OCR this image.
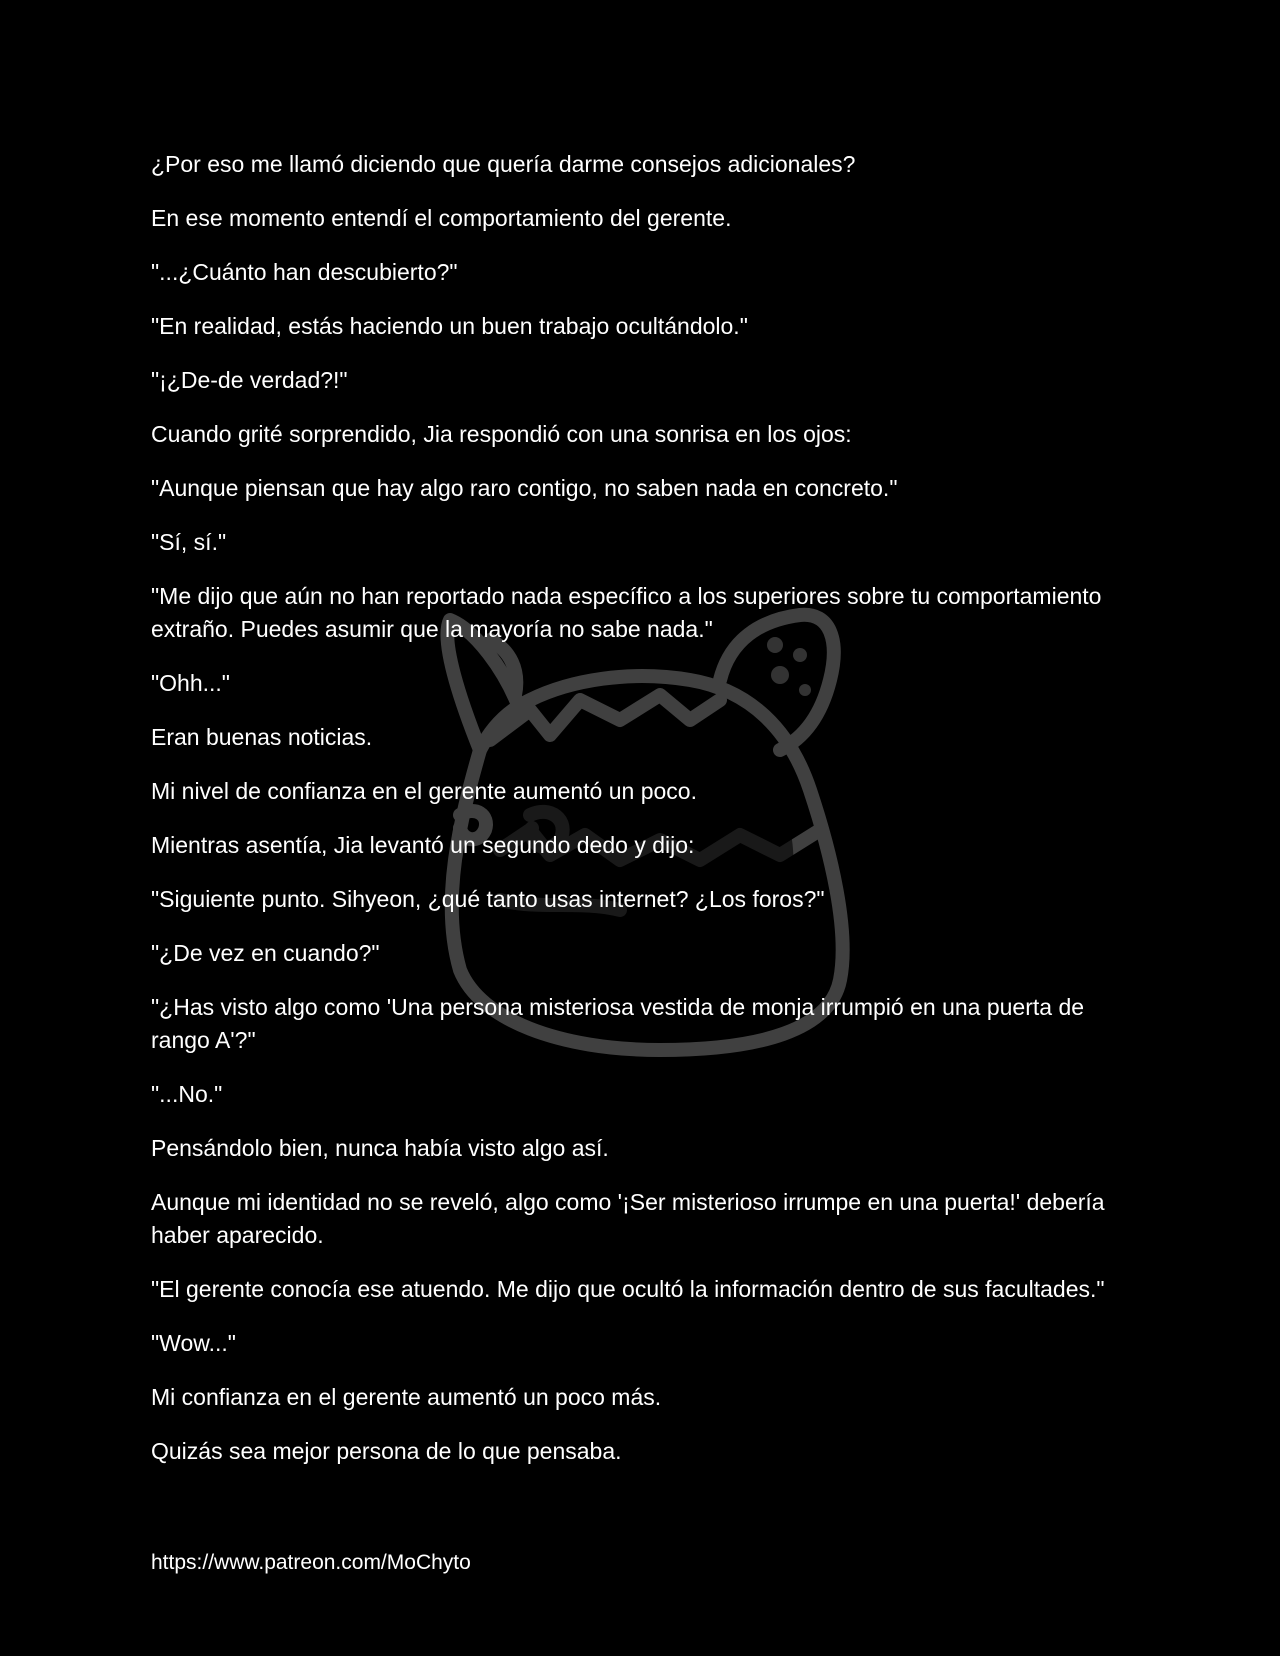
¿Por eso me llamó diciendo que quería darme consejos adicionales?

En ese momento entendí el comportamiento del gerente.

"...¿Cuánto han descubierto?"

"En realidad, estás haciendo un buen trabajo ocultándolo."

"¡¿De-de verdad?!"

Cuando grité sorprendido, Jia respondió con una sonrisa en los ojos:

"Aunque piensan que hay algo raro contigo, no saben nada en concreto."

"Sí, sí."

"Me dijo que aún no han reportado nada específico a los superiores sobre tu comportamiento extraño. Puedes asumir que la mayoría no sabe nada."

"Ohh..."

Eran buenas noticias.

Mi nivel de confianza en el gerente aumentó un poco.

Mientras asentía, Jia levantó un segundo dedo y dijo:

"Siguiente punto. Sihyeon, ¿qué tanto usas internet? ¿Los foros?"

"¿De vez en cuando?"

"¿Has visto algo como 'Una persona misteriosa vestida de monja irrumpió en una puerta de rango A'?"

"...No."

Pensándolo bien, nunca había visto algo así.

Aunque mi identidad no se reveló, algo como '¡Ser misterioso irrumpe en una puerta!' debería haber aparecido.

"El gerente conocía ese atuendo. Me dijo que ocultó la información dentro de sus facultades."

"Wow..."

Mi confianza en el gerente aumentó un poco más.

Quizás sea mejor persona de lo que pensaba.

https://www.patreon.com/MoChyto
